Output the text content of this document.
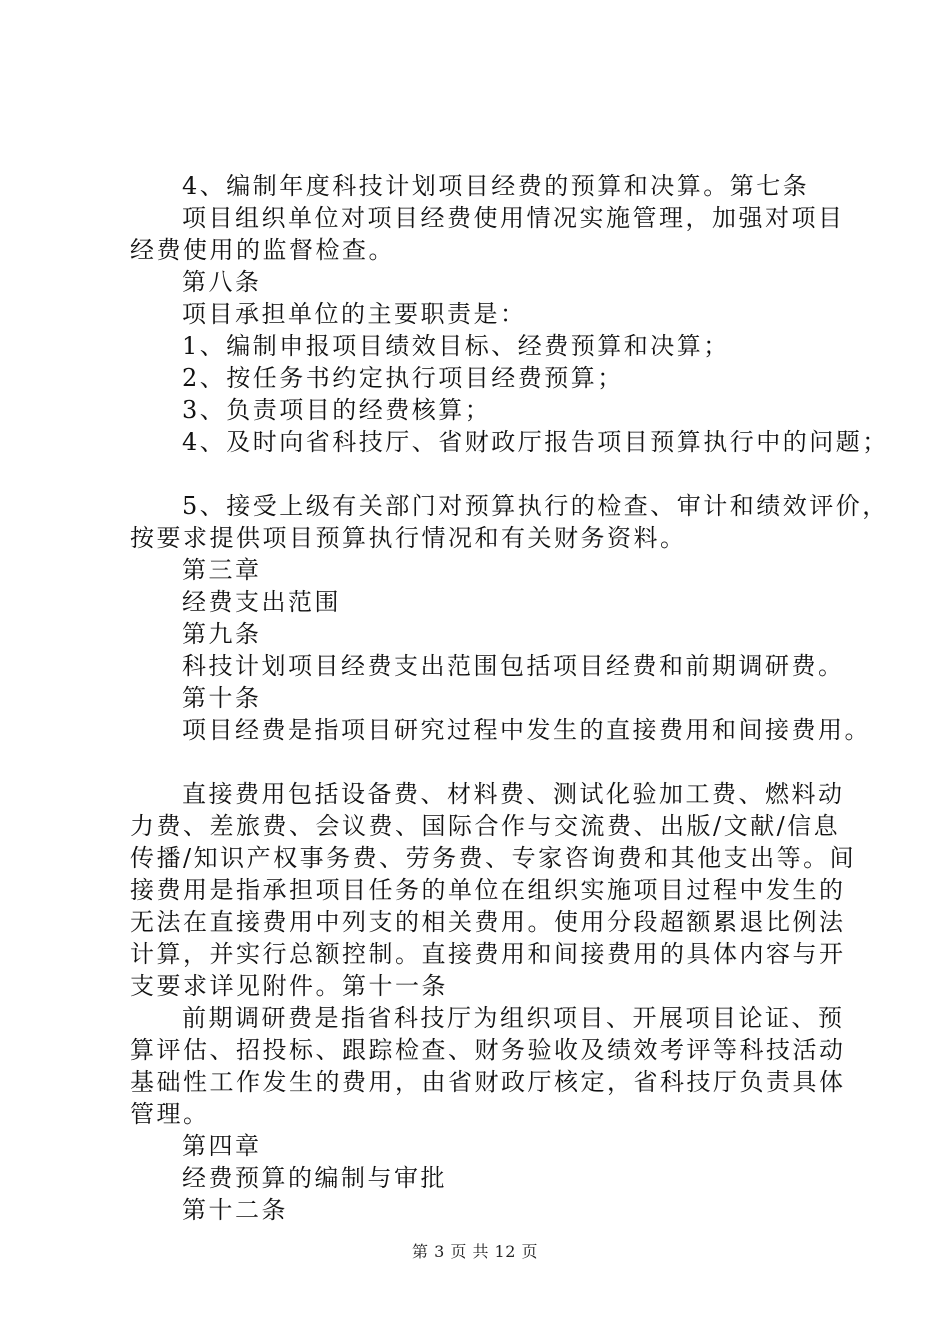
4、编制年度科技计划项目经费的预算和决算。第七条
项目组织单位对项目经费使用情况实施管理，加强对项目
经费使用的监督检查。
第八条
项目承担单位的主要职责是：
1、编制申报项目绩效目标、经费预算和决算；
2、按任务书约定执行项目经费预算；
3、负责项目的经费核算；
4、及时向省科技厅、省财政厅报告项目预算执行中的问题；
5、接受上级有关部门对预算执行的检查、审计和绩效评价，
按要求提供项目预算执行情况和有关财务资料。
第三章
经费支出范围
第九条
科技计划项目经费支出范围包括项目经费和前期调研费。
第十条
项目经费是指项目研究过程中发生的直接费用和间接费用。
直接费用包括设备费、材料费、测试化验加工费、燃料动
力费、差旅费、会议费、国际合作与交流费、出版/文献/信息
传播/知识产权事务费、劳务费、专家咨询费和其他支出等。间
接费用是指承担项目任务的单位在组织实施项目过程中发生的
无法在直接费用中列支的相关费用。使用分段超额累退比例法
计算，并实行总额控制。直接费用和间接费用的具体内容与开
支要求详见附件。第十一条
前期调研费是指省科技厅为组织项目、开展项目论证、预
算评估、招投标、跟踪检查、财务验收及绩效考评等科技活动
基础性工作发生的费用，由省财政厅核定，省科技厅负责具体
管理。
第四章
经费预算的编制与审批
第十二条
第 3 页 共 12 页
